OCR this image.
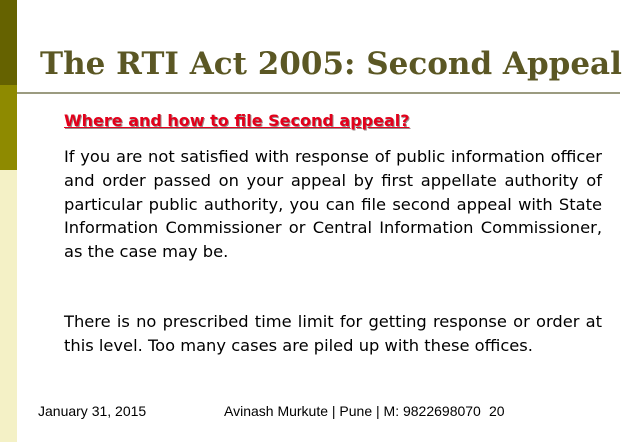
The RTI Act 2005: Second Appeal
Where and how to file Second appeal?
If you are not satisfied with response of public information officer and order passed on your appeal by first appellate authority of particular public authority, you can file second appeal with State Information Commissioner or Central Information Commissioner, as the case may be.
There is no prescribed time limit for getting response or order at this level. Too many cases are piled up with these offices.
January 31, 2015	Avinash Murkute | Pune | M: 9822698070 20
